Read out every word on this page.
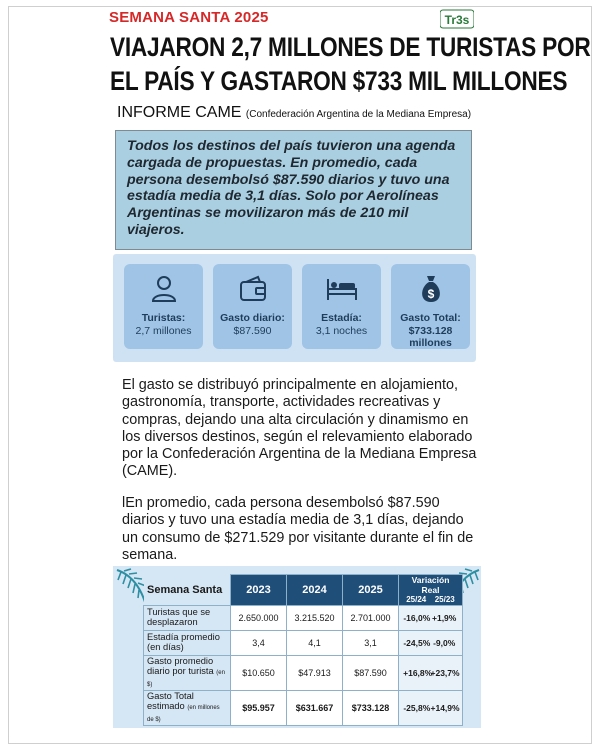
SEMANA SANTA 2025	Tr3s
VIAJARON 2,7 MILLONES DE TURISTAS POR
EL PAÍS Y GASTARON $733 MIL MILLONES
INFORME CAME (Confederación Argentina de la Mediana Empresa)
Todos los destinos del país tuvieron una agenda cargada de propuestas. En promedio, cada persona desembolsó $87.590 diarios y tuvo una estadía media de 3,1 días. Solo por Aerolíneas Argentinas se movilizaron más de 210 mil viajeros.
Turistas:
2,7 millones
Gasto diario:
$87.590
Estadía:
3,1 noches
$
Gasto Total:
$733.128 millones
El gasto se distribuyó principalmente en alojamiento, gastronomía, transporte, actividades recreativas y compras, dejando una alta circulación y dinamismo en los diversos destinos, según el relevamiento elaborado por la Confederación Argentina de la Mediana Empresa (CAME).
lEn promedio, cada persona desembolsó $87.590 diarios y tuvo una estadía media de 3,1 días, dejando un consumo de $271.529 por visitante durante el fin de semana.
Semana Santa	2023	2024	2025	Variación Real
25/24 25/23

Turistas que se desplazaron	2.650.000	3.215.520	2.701.000	-16,0% +1,9%
Estadía promedio (en días)	3,4	4,1	3,1	-24,5% -9,0%
Gasto promedio diario por turista (en $)	$10.650	$47.913	$87.590	+16,8%+23,7%
Gasto Total estimado (en millones de $)	$95.957	$631.667	$733.128	-25,8%+14,9%
